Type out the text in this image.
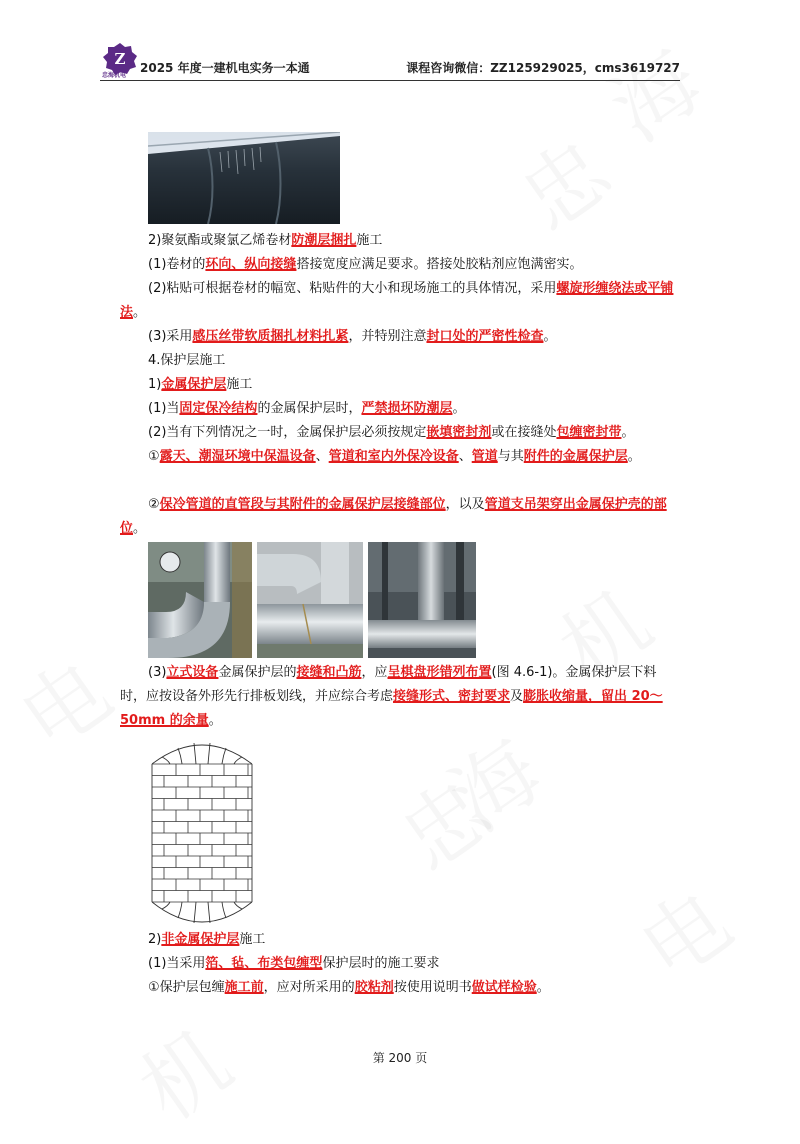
Z
忠海机电
2025 年度一建机电实务一本通	课程咨询微信：ZZ125929025，cms3619727
2)聚氨酯或聚氯乙烯卷材防潮层捆扎施工
(1)卷材的环向、纵向接缝搭接宽度应满足要求。搭接处胶粘剂应饱满密实。
(2)粘贴可根据卷材的幅宽、粘贴件的大小和现场施工的具体情况，采用螺旋形缠绕法或平铺法。
(3)采用感压丝带软质捆扎材料扎紧，并特别注意封口处的严密性检查。
4.保护层施工
1)金属保护层施工
(1)当固定保冷结构的金属保护层时，严禁损坏防潮层。
(2)当有下列情况之一时，金属保护层必须按规定嵌填密封剂或在接缝处包缠密封带。
①露天、潮湿环境中保温设备、管道和室内外保冷设备、管道与其附件的金属保护层。
②保冷管道的直管段与其附件的金属保护层接缝部位，以及管道支吊架穿出金属保护壳的部位。
(3)立式设备金属保护层的接缝和凸筋，应呈棋盘形错列布置(图 4.6-1)。金属保护层下料时，应按设备外形先行排板划线，并应综合考虑接缝形式、密封要求及膨胀收缩量，留出 20～50mm 的余量。
2)非金属保护层施工
(1)当采用箔、毡、布类包缠型保护层时的施工要求
①保护层包缠施工前，应对所采用的胶粘剂按使用说明书做试样检验。
第 200 页
